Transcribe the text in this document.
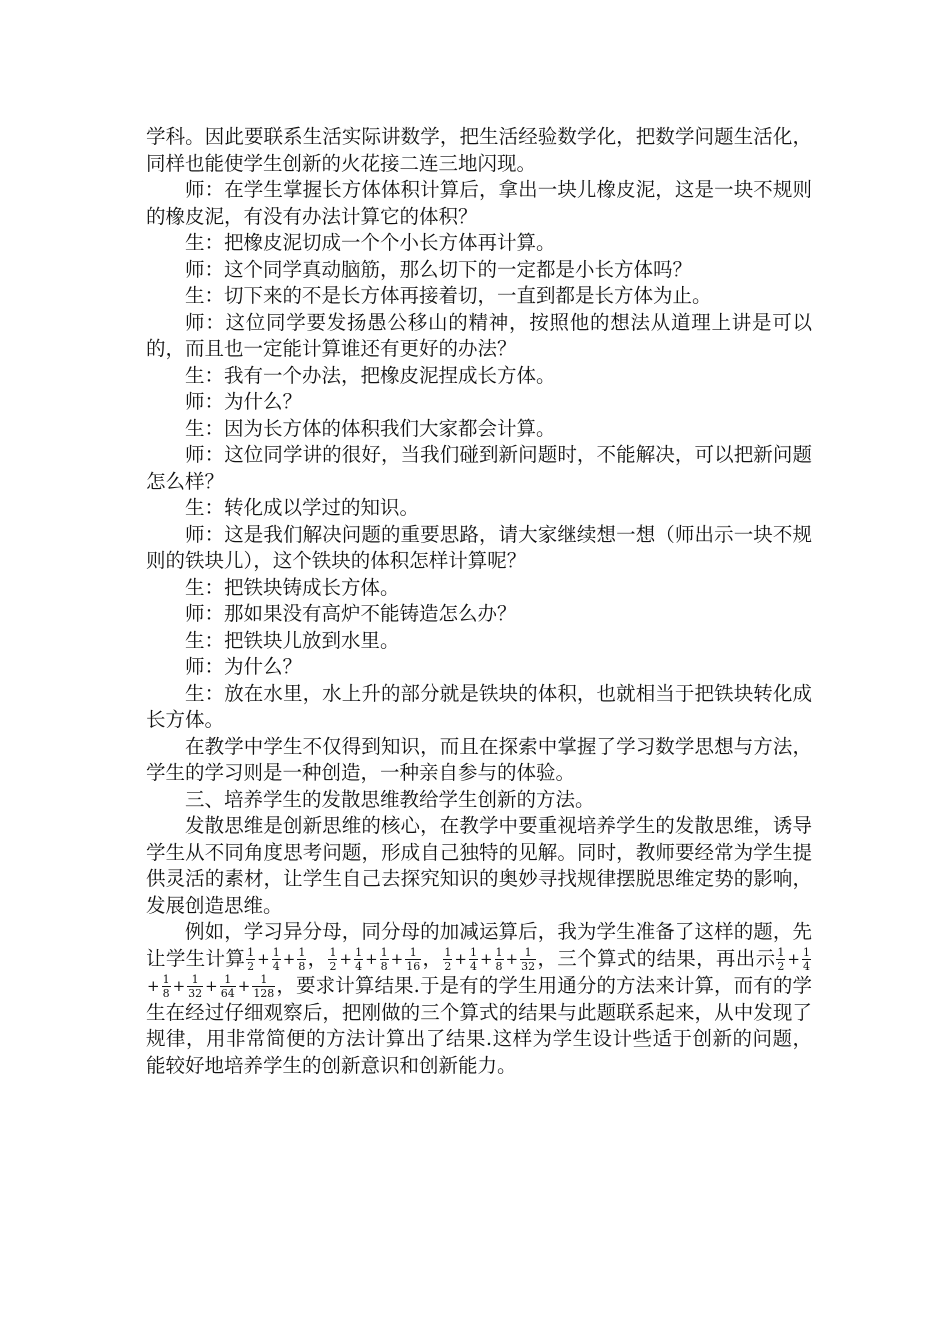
学科。因此要联系生活实际讲数学，把生活经验数学化，把数学问题生活化，同样也能使学生创新的火花接二连三地闪现。

师：在学生掌握长方体体积计算后，拿出一块儿橡皮泥，这是一块不规则的橡皮泥，有没有办法计算它的体积？

生：把橡皮泥切成一个个小长方体再计算。

师：这个同学真动脑筋，那么切下的一定都是小长方体吗？

生：切下来的不是长方体再接着切，一直到都是长方体为止。

师：这位同学要发扬愚公移山的精神，按照他的想法从道理上讲是可以的，而且也一定能计算谁还有更好的办法？

生：我有一个办法，把橡皮泥捏成长方体。

师：为什么？

生：因为长方体的体积我们大家都会计算。

师：这位同学讲的很好，当我们碰到新问题时，不能解决，可以把新问题怎么样？

生：转化成以学过的知识。

师：这是我们解决问题的重要思路，请大家继续想一想（师出示一块不规则的铁块儿），这个铁块的体积怎样计算呢？

生：把铁块铸成长方体。

师：那如果没有高炉不能铸造怎么办？

生：把铁块儿放到水里。

师：为什么？

生：放在水里，水上升的部分就是铁块的体积，也就相当于把铁块转化成长方体。

在教学中学生不仅得到知识，而且在探索中掌握了学习数学思想与方法，学生的学习则是一种创造，一种亲自参与的体验。

三、培养学生的发散思维教给学生创新的方法。

发散思维是创新思维的核心，在教学中要重视培养学生的发散思维，诱导学生从不同角度思考问题，形成自己独特的见解。同时，教师要经常为学生提供灵活的素材，让学生自己去探究知识的奥妙寻找规律摆脱思维定势的影响，发展创造思维。

例如，学习异分母，同分母的加减运算后，我为学生准备了这样的题，先让学生计算 $\frac{1}{2} + \frac{1}{4} + \frac{1}{8}$ ， $\frac{1}{2} + \frac{1}{4} + \frac{1}{8} + \frac{1}{16}$ ， $\frac{1}{2} + \frac{1}{4} + \frac{1}{8} + \frac{1}{32}$ ，三个算式的结果，再出示 $\frac{1}{2} + \frac{1}{4}$
+ $\frac{1}{8} + \frac{1}{32} + \frac{1}{64} + \frac{1}{128}$ ，要求计算结果.于是有的学生用通分的方法来计算，而有的学生在经过仔细观察后，把刚做的三个算式的结果与此题联系起来，从中发现了规律，用非常简便的方法计算出了结果.这样为学生设计些适于创新的问题，能较好地培养学生的创新意识和创新能力。
